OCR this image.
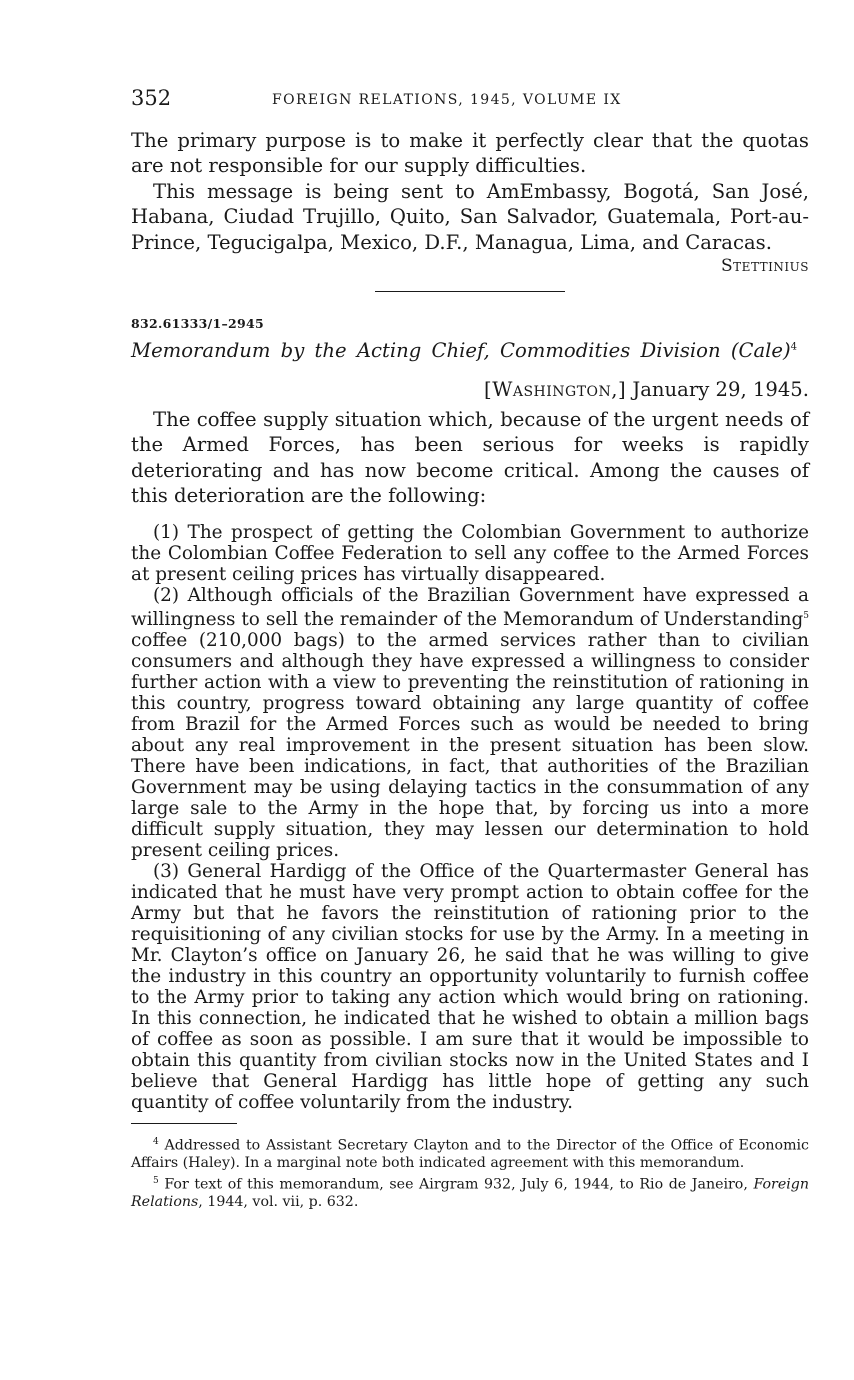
352	FOREIGN RELATIONS, 1945, VOLUME IX

The primary purpose is to make it perfectly clear that the quotas are not responsible for our supply difficulties.

This message is being sent to AmEmbassy, Bogotá, San José, Habana, Ciudad Trujillo, Quito, San Salvador, Guatemala, Port-au-Prince, Tegucigalpa, Mexico, D.F., Managua, Lima, and Caracas.

Stettinius

832.61333/1–2945
Memorandum by the Acting Chief, Commodities Division (Cale)$^4$
[Washington,] January 29, 1945.

The coffee supply situation which, because of the urgent needs of the Armed Forces, has been serious for weeks is rapidly deteriorating and has now become critical. Among the causes of this deterioration are the following:

(1) The prospect of getting the Colombian Government to authorize the Colombian Coffee Federation to sell any coffee to the Armed Forces at present ceiling prices has virtually disappeared.

(2) Although officials of the Brazilian Government have expressed a willingness to sell the remainder of the Memorandum of Understanding$^5$ coffee (210,000 bags) to the armed services rather than to civilian consumers and although they have expressed a willingness to consider further action with a view to preventing the reinstitution of rationing in this country, progress toward obtaining any large quantity of coffee from Brazil for the Armed Forces such as would be needed to bring about any real improvement in the present situation has been slow. There have been indications, in fact, that authorities of the Brazilian Government may be using delaying tactics in the consummation of any large sale to the Army in the hope that, by forcing us into a more difficult supply situation, they may lessen our determination to hold present ceiling prices.

(3) General Hardigg of the Office of the Quartermaster General has indicated that he must have very prompt action to obtain coffee for the Army but that he favors the reinstitution of rationing prior to the requisitioning of any civilian stocks for use by the Army. In a meeting in Mr. Clayton’s office on January 26, he said that he was willing to give the industry in this country an opportunity voluntarily to furnish coffee to the Army prior to taking any action which would bring on rationing. In this connection, he indicated that he wished to obtain a million bags of coffee as soon as possible. I am sure that it would be impossible to obtain this quantity from civilian stocks now in the United States and I believe that General Hardigg has little hope of getting any such quantity of coffee voluntarily from the industry.

$^4$ Addressed to Assistant Secretary Clayton and to the Director of the Office of Economic Affairs (Haley). In a marginal note both indicated agreement with this memorandum.

$^5$ For text of this memorandum, see Airgram 932, July 6, 1944, to Rio de Janeiro, Foreign Relations, 1944, vol. vii, p. 632.
